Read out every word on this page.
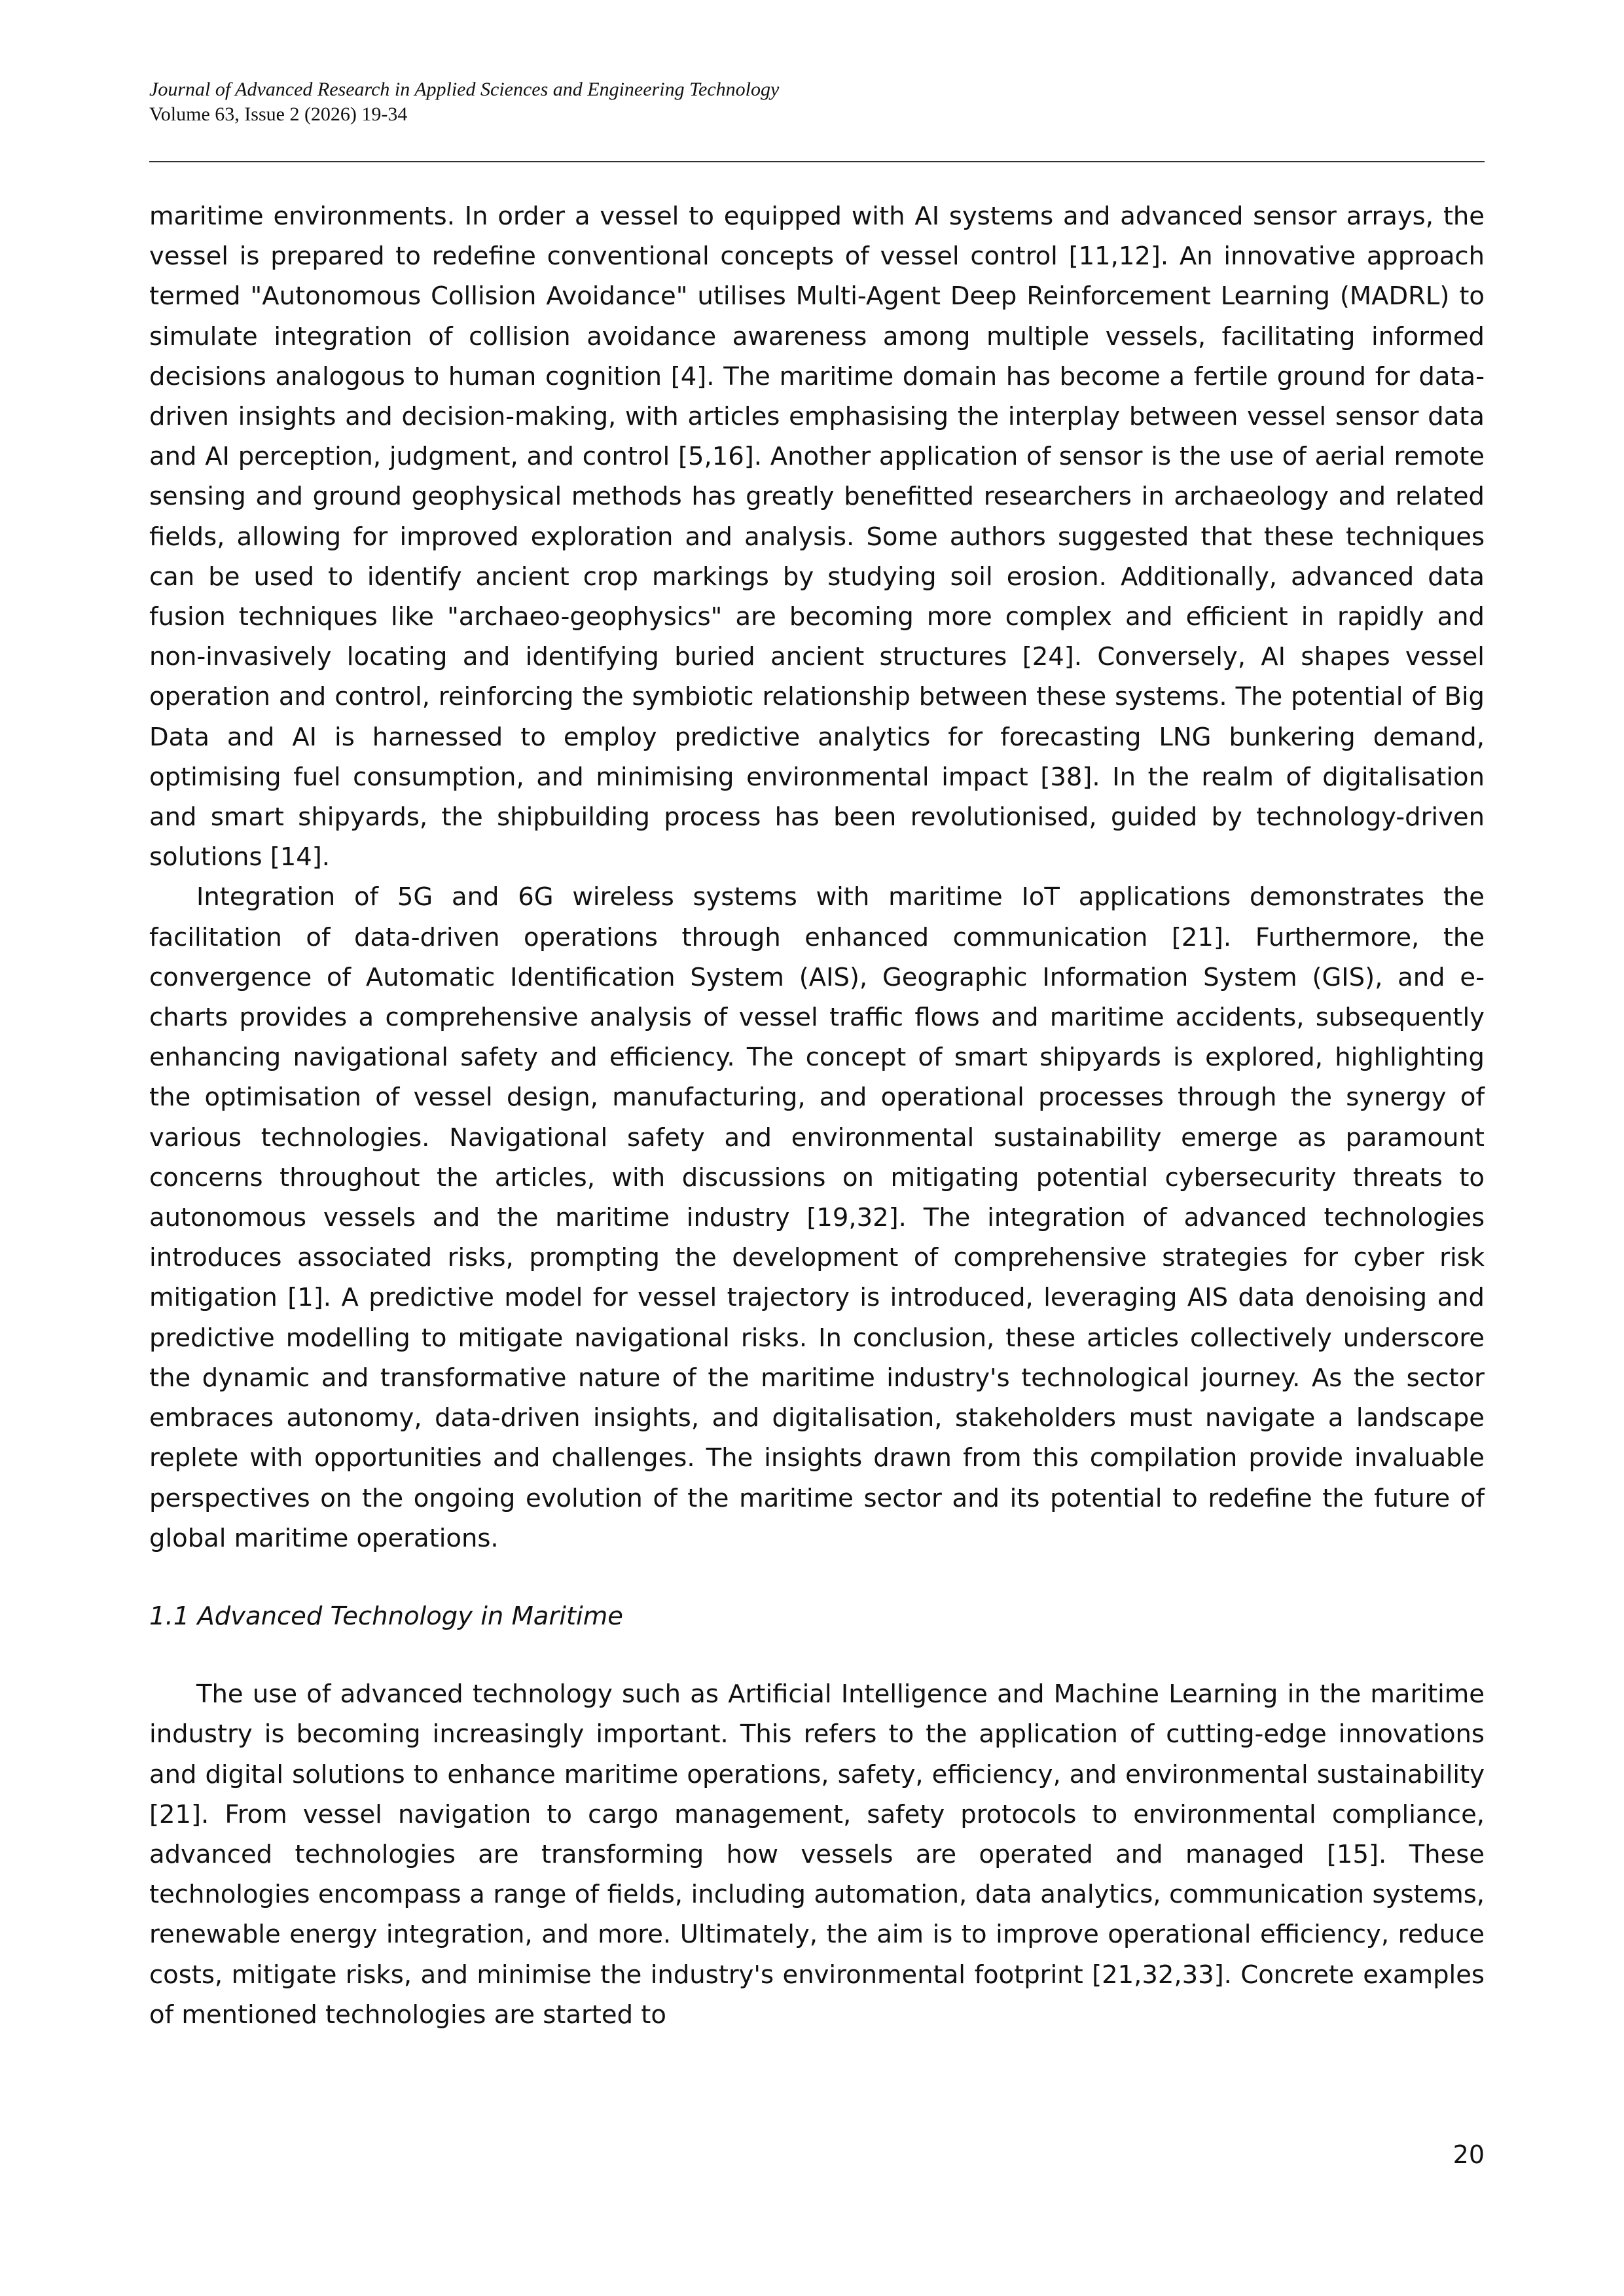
Journal of Advanced Research in Applied Sciences and Engineering Technology
Volume 63, Issue 2 (2026) 19-34

maritime environments. In order a vessel to equipped with AI systems and advanced sensor arrays, the vessel is prepared to redefine conventional concepts of vessel control [11,12]. An innovative approach termed "Autonomous Collision Avoidance" utilises Multi-Agent Deep Reinforcement Learning (MADRL) to simulate integration of collision avoidance awareness among multiple vessels, facilitating informed decisions analogous to human cognition [4]. The maritime domain has become a fertile ground for data-driven insights and decision-making, with articles emphasising the interplay between vessel sensor data and AI perception, judgment, and control [5,16]. Another application of sensor is the use of aerial remote sensing and ground geophysical methods has greatly benefitted researchers in archaeology and related fields, allowing for improved exploration and analysis. Some authors suggested that these techniques can be used to identify ancient crop markings by studying soil erosion. Additionally, advanced data fusion techniques like "archaeo-geophysics" are becoming more complex and efficient in rapidly and non-invasively locating and identifying buried ancient structures [24]. Conversely, AI shapes vessel operation and control, reinforcing the symbiotic relationship between these systems. The potential of Big Data and AI is harnessed to employ predictive analytics for forecasting LNG bunkering demand, optimising fuel consumption, and minimising environmental impact [38]. In the realm of digitalisation and smart shipyards, the shipbuilding process has been revolutionised, guided by technology-driven solutions [14].

Integration of 5G and 6G wireless systems with maritime IoT applications demonstrates the facilitation of data-driven operations through enhanced communication [21]. Furthermore, the convergence of Automatic Identification System (AIS), Geographic Information System (GIS), and e-charts provides a comprehensive analysis of vessel traffic flows and maritime accidents, subsequently enhancing navigational safety and efficiency. The concept of smart shipyards is explored, highlighting the optimisation of vessel design, manufacturing, and operational processes through the synergy of various technologies. Navigational safety and environmental sustainability emerge as paramount concerns throughout the articles, with discussions on mitigating potential cybersecurity threats to autonomous vessels and the maritime industry [19,32]. The integration of advanced technologies introduces associated risks, prompting the development of comprehensive strategies for cyber risk mitigation [1]. A predictive model for vessel trajectory is introduced, leveraging AIS data denoising and predictive modelling to mitigate navigational risks. In conclusion, these articles collectively underscore the dynamic and transformative nature of the maritime industry's technological journey. As the sector embraces autonomy, data-driven insights, and digitalisation, stakeholders must navigate a landscape replete with opportunities and challenges. The insights drawn from this compilation provide invaluable perspectives on the ongoing evolution of the maritime sector and its potential to redefine the future of global maritime operations.

1.1 Advanced Technology in Maritime

The use of advanced technology such as Artificial Intelligence and Machine Learning in the maritime industry is becoming increasingly important. This refers to the application of cutting-edge innovations and digital solutions to enhance maritime operations, safety, efficiency, and environmental sustainability [21]. From vessel navigation to cargo management, safety protocols to environmental compliance, advanced technologies are transforming how vessels are operated and managed [15]. These technologies encompass a range of fields, including automation, data analytics, communication systems, renewable energy integration, and more. Ultimately, the aim is to improve operational efficiency, reduce costs, mitigate risks, and minimise the industry's environmental footprint [21,32,33]. Concrete examples of mentioned technologies are started to

20
